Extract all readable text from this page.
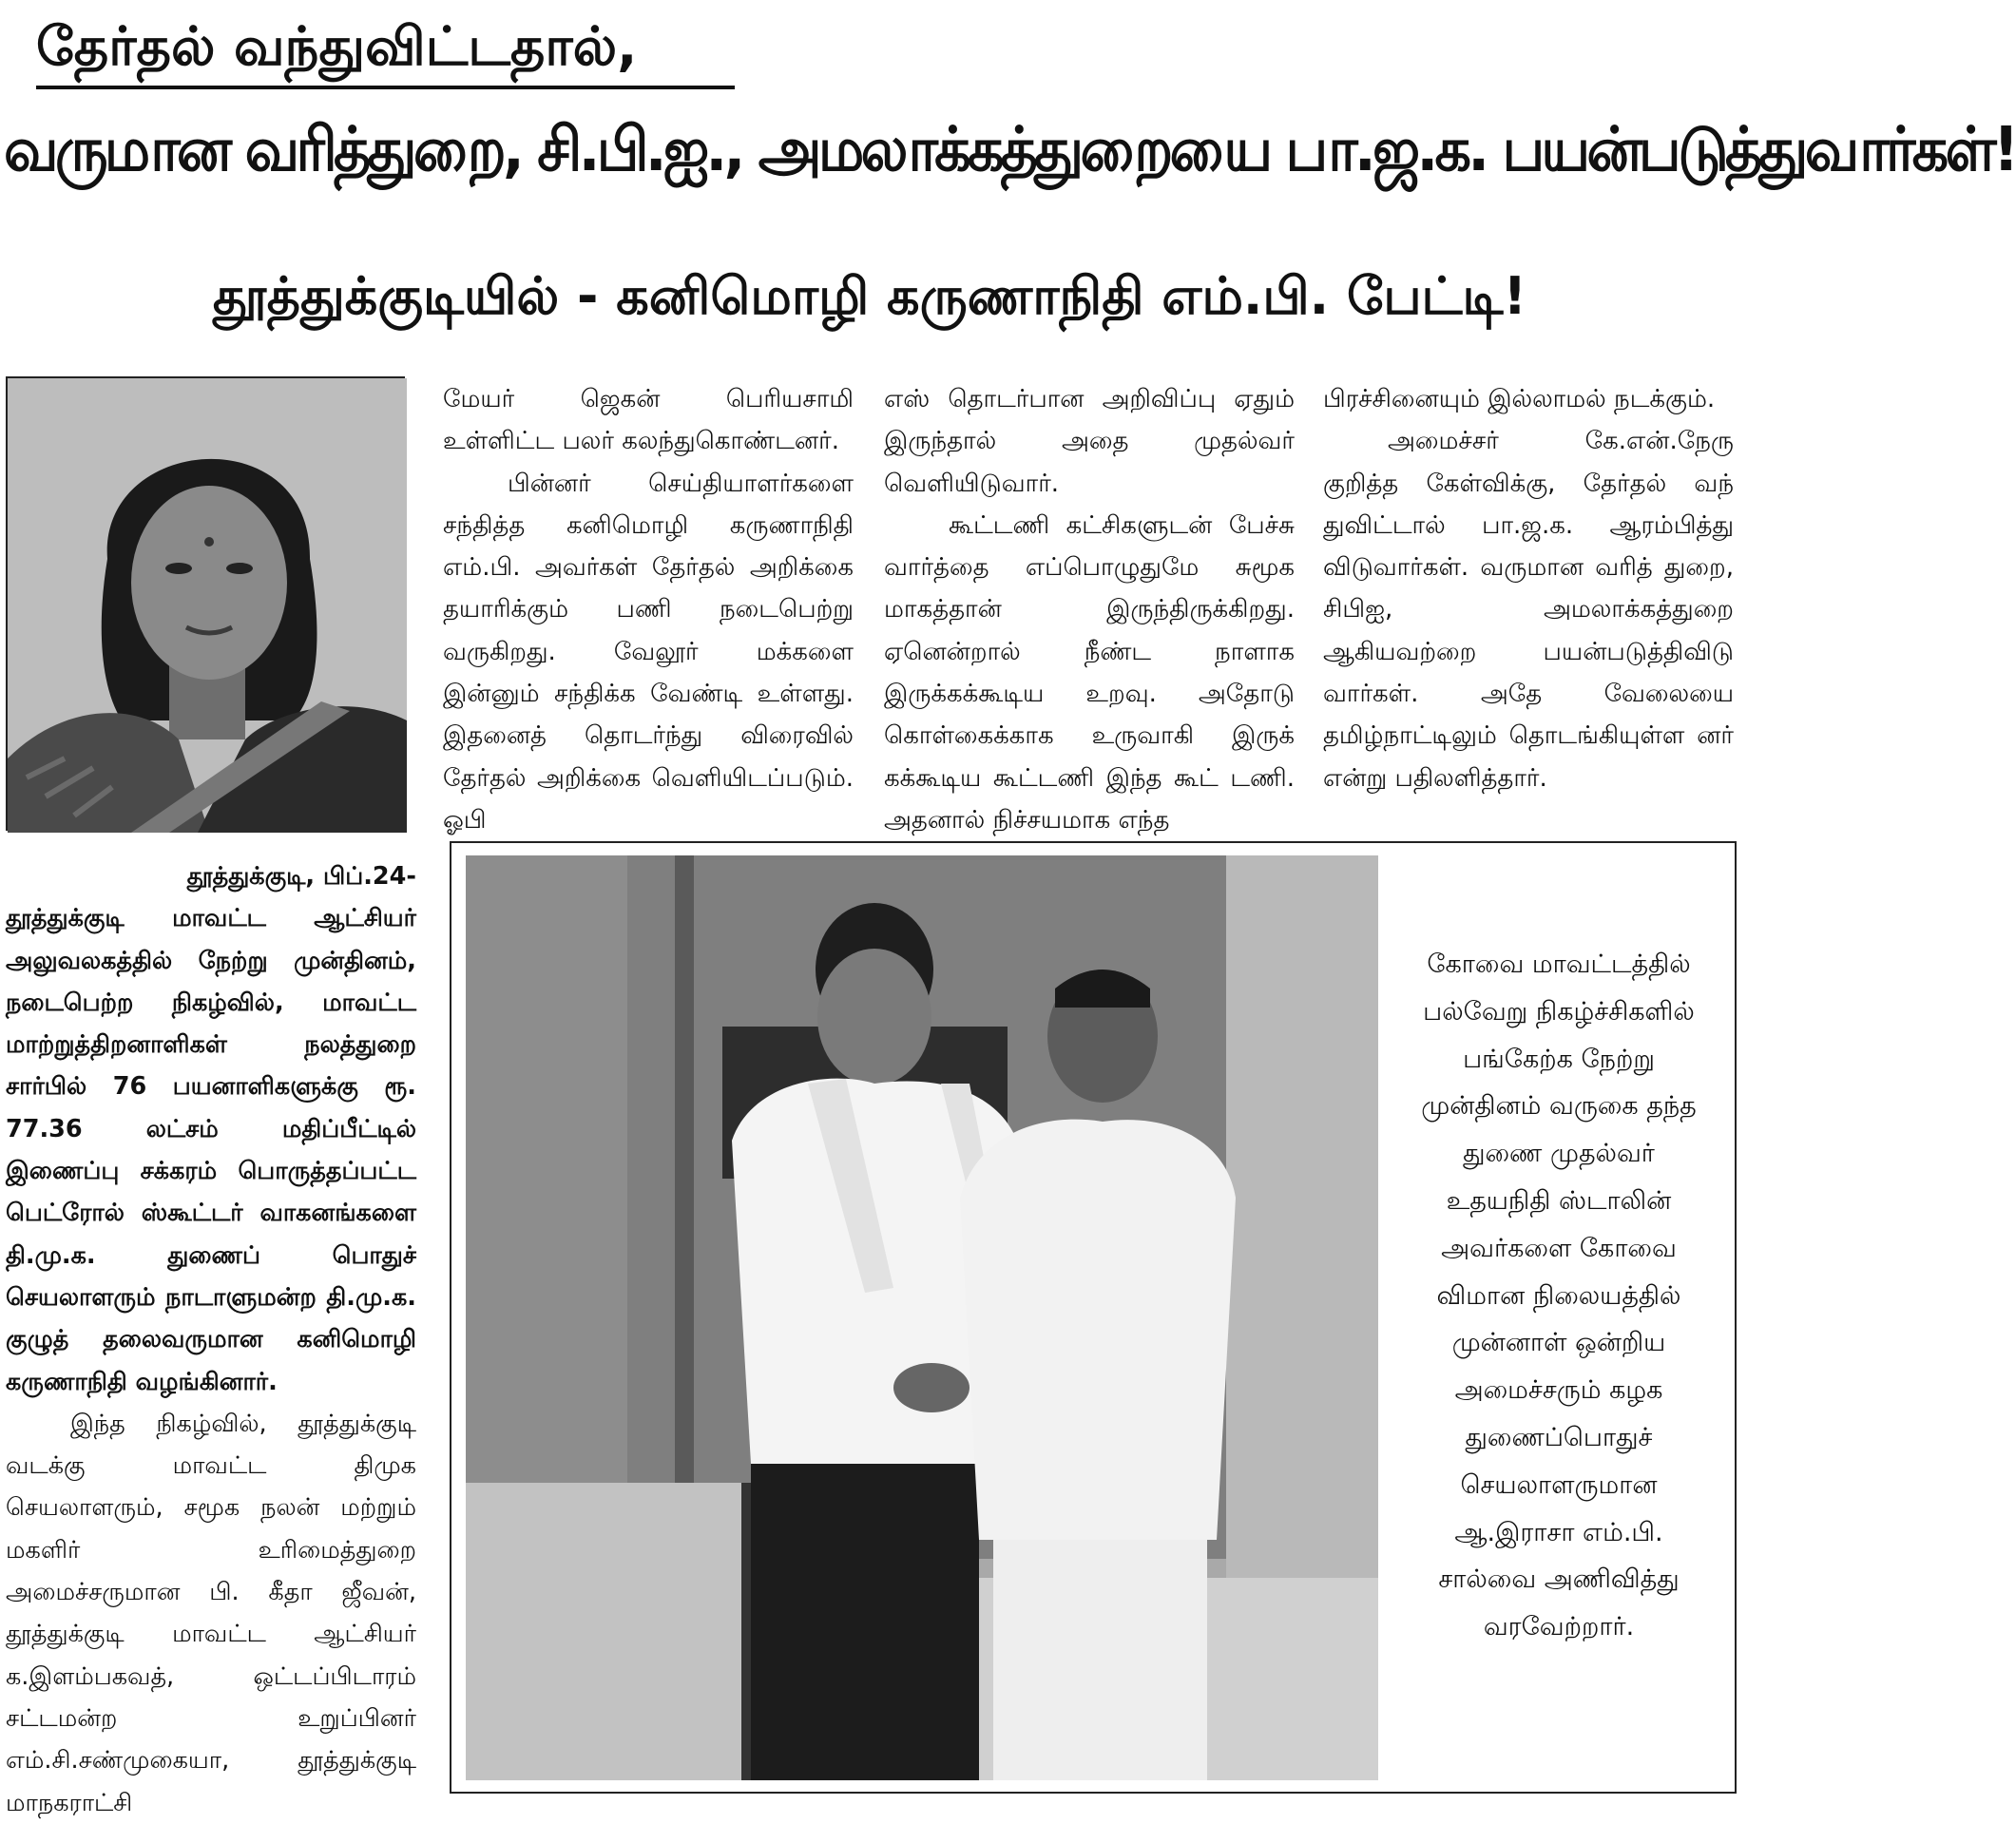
தேர்தல் வந்துவிட்டதால்,
வருமான வரித்துறை, சி.பி.ஐ., அமலாக்கத்துறையை பா.ஜ.க. பயன்படுத்துவார்கள்!
தூத்துக்குடியில் - கனிமொழி கருணாநிதி எம்.பி. பேட்டி!

மேயர் ஜெகன் பெரியசாமி உள்ளிட்ட பலர் கலந்துகொண்டனர்.

பின்னர் செய்தியாளர்களை சந்தித்த கனிமொழி கருணாநிதி எம்.பி. அவர்கள் தேர்தல் அறிக்கை தயாரிக்கும் பணி நடைபெற்று வருகிறது. வேலூர் மக்களை இன்னும் சந்திக்க வேண்டி உள்ளது. இதனைத் தொடர்ந்து விரைவில் தேர்தல் அறிக்கை வெளியிடப்படும். ஓபி

எஸ் தொடர்பான அறிவிப்பு ஏதும் இருந்தால் அதை முதல்வர் வெளியிடுவார்.

கூட்டணி கட்சிகளுடன் பேச்சு வார்த்தை எப்பொழுதுமே சுமூக மாகத்தான் இருந்திருக்கிறது. ஏனென்றால் நீண்ட நாளாக இருக்கக்கூடிய உறவு. அதோடு கொள்கைக்காக உருவாகி இருக் கக்கூடிய கூட்டணி இந்த கூட் டணி. அதனால் நிச்சயமாக எந்த

பிரச்சினையும் இல்லாமல் நடக்கும்.

அமைச்சர் கே.என்.நேரு குறித்த கேள்விக்கு, தேர்தல் வந் துவிட்டால் பா.ஜ.க. ஆரம்பித்து விடுவார்கள். வருமான வரித் துறை, சிபிஐ, அமலாக்கத்துறை ஆகியவற்றை பயன்படுத்திவிடு வார்கள். அதே வேலையை தமிழ்நாட்டிலும் தொடங்கியுள்ள னர் என்று பதிலளித்தார்.

தூத்துக்குடி, பிப்.24-

தூத்துக்குடி மாவட்ட ஆட்சியர் அலுவலகத்தில் நேற்று முன்தினம், நடைபெற்ற நிகழ்வில், மாவட்ட மாற்றுத்திறனாளிகள் நலத்துறை சார்பில் 76 பயனாளிகளுக்கு ரூ. 77.36 லட்சம் மதிப்பீட்டில் இணைப்பு சக்கரம் பொருத்தப்பட்ட பெட்ரோல் ஸ்கூட்டர் வாகனங்களை தி.மு.க. துணைப் பொதுச் செயலாளரும் நாடாளுமன்ற தி.மு.க. குழுத் தலைவருமான கனிமொழி கருணாநிதி வழங்கினார்.

இந்த நிகழ்வில், தூத்துக்குடி வடக்கு மாவட்ட திமுக செயலாளரும், சமூக நலன் மற்றும் மகளிர் உரிமைத்துறை அமைச்சருமான பி. கீதா ஜீவன், தூத்துக்குடி மாவட்ட ஆட்சியர் க.இளம்பகவத், ஒட்டப்பிடாரம் சட்டமன்ற உறுப்பினர் எம்.சி.சண்முகையா, தூத்துக்குடி மாநகராட்சி

கோவை மாவட்டத்தில்
பல்வேறு நிகழ்ச்சிகளில்
பங்கேற்க நேற்று
முன்தினம் வருகை தந்த
துணை முதல்வர்
உதயநிதி ஸ்டாலின்
அவர்களை கோவை
விமான நிலையத்தில்
முன்னாள் ஒன்றிய
அமைச்சரும் கழக
துணைப்பொதுச்
செயலாளருமான
ஆ.இராசா எம்.பி.
சால்வை அணிவித்து
வரவேற்றார்.
